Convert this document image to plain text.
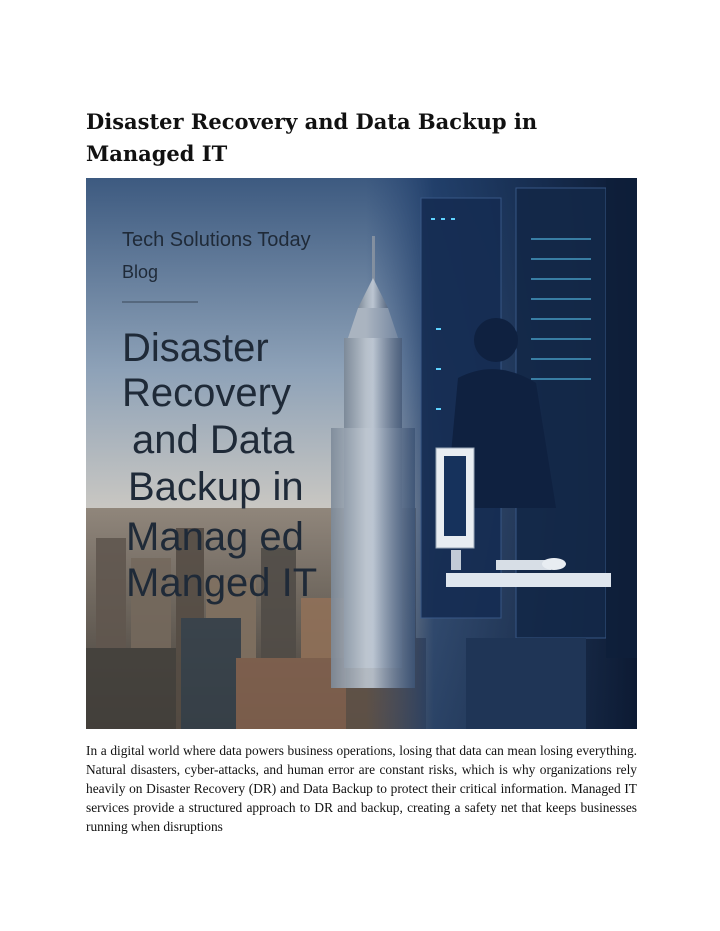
Disaster Recovery and Data Backup in Managed IT
Tech Solutions Today
Blog
Disaster
Recovery
and Data
Backup in
Manag ed
Manged IT

In a digital world where data powers business operations, losing that data can mean losing everything. Natural disasters, cyber-attacks, and human error are constant risks, which is why organizations rely heavily on Disaster Recovery (DR) and Data Backup to protect their critical information. Managed IT services provide a structured approach to DR and backup, creating a safety net that keeps businesses running when disruptions
